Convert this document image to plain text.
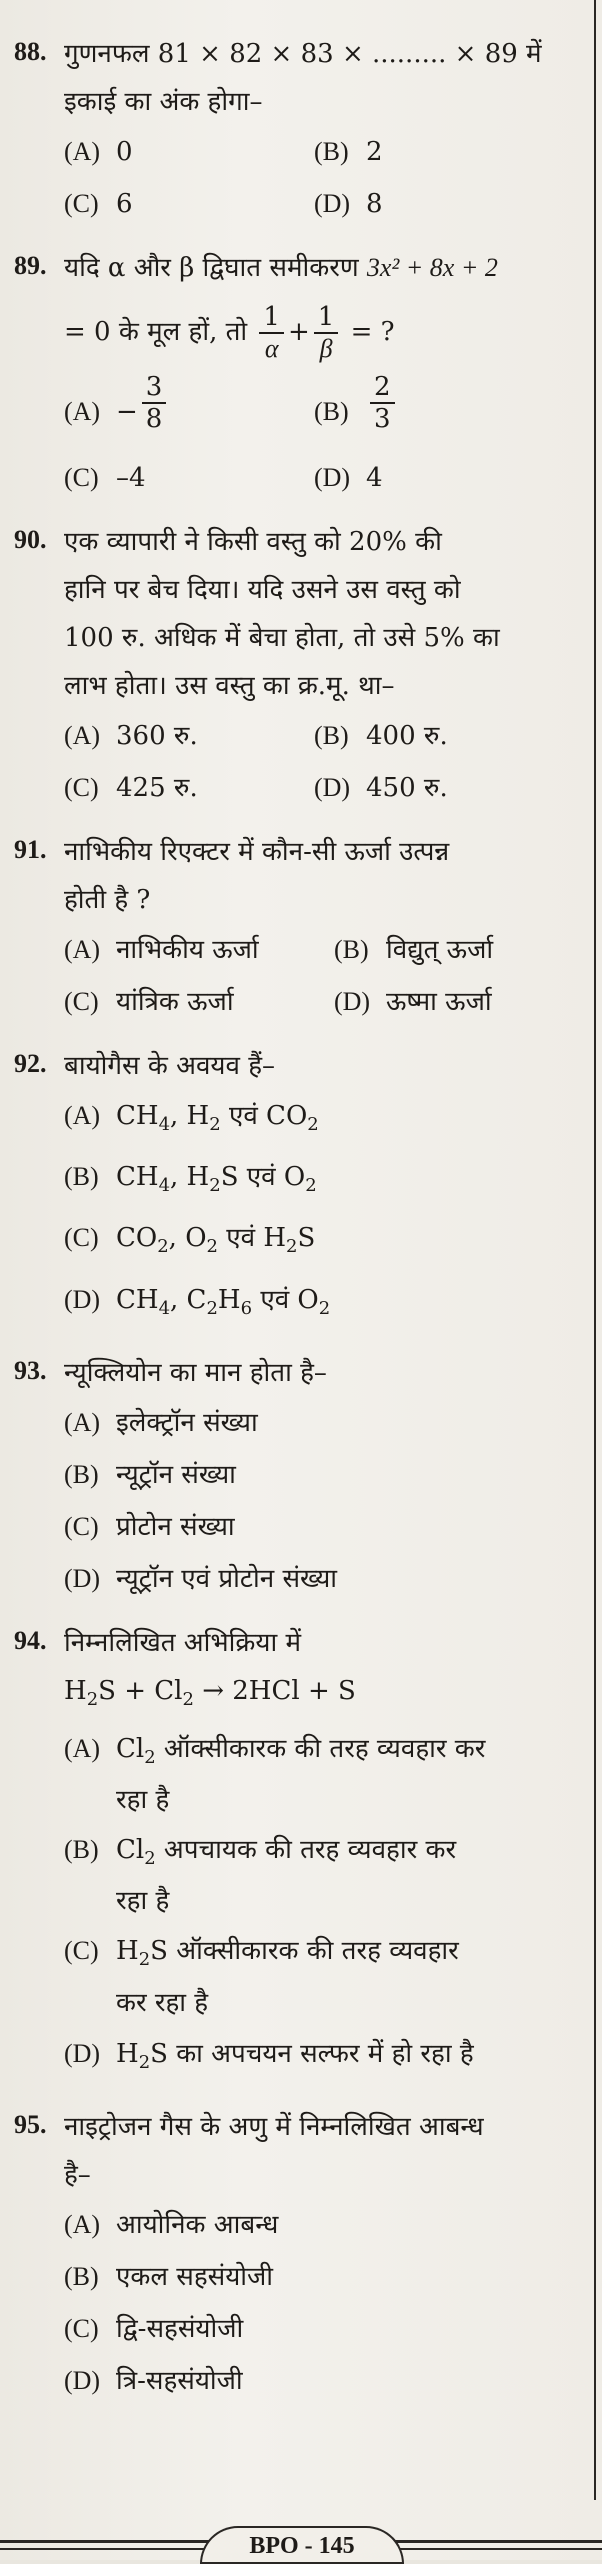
88. गुणनफल 81 × 82 × 83 × ......... × 89 में
इकाई का अंक होगा–
(A) 0	(B) 2
(C) 6	(D) 8
89. यदि α और β द्विघात समीकरण 3x² + 8x + 2
= 0 के मूल हों, तो $\frac{1}{\alpha} + \frac{1}{\beta}$ = ?
$(A) - \frac{3}{8}$	$(B) \frac{2}{3}$
(C) –4	(D) 4
90. एक व्यापारी ने किसी वस्तु को 20% की
हानि पर बेच दिया। यदि उसने उस वस्तु को
100 रु. अधिक में बेचा होता, तो उसे 5% का
लाभ होता। उस वस्तु का क्र.मू. था–
(A) 360 रु.	(B) 400 रु.
(C) 425 रु.	(D) 450 रु.
91. नाभिकीय रिएक्टर में कौन-सी ऊर्जा उत्पन्न
होती है ?
(A) नाभिकीय ऊर्जा	(B) विद्युत् ऊर्जा
(C) यांत्रिक ऊर्जा	(D) ऊष्मा ऊर्जा
92. बायोगैस के अवयव हैं–
(A) $CH_4$, $H_2$ एवं $CO_2$
(B) $CH_4$, $H_2S$ एवं $O_2$
(C) $CO_2$, $O_2$ एवं $H_2S$
(D) $CH_4$, $C_2H_6$ एवं $O_2$
93. न्यूक्लियोन का मान होता है–
(A) इलेक्ट्रॉन संख्या
(B) न्यूट्रॉन संख्या
(C) प्रोटोन संख्या
(D) न्यूट्रॉन एवं प्रोटोन संख्या
94. निम्नलिखित अभिक्रिया में
$H_2S + Cl_2 \to 2HCl + S$
(A) $Cl_2$ ऑक्सीकारक की तरह व्यवहार कर
रहा है
(B) $Cl_2$ अपचायक की तरह व्यवहार कर
रहा है
(C) $H_2S$ ऑक्सीकारक की तरह व्यवहार
कर रहा है
(D) $H_2S$ का अपचयन सल्फर में हो रहा है
95. नाइट्रोजन गैस के अणु में निम्नलिखित आबन्ध
है–
(A) आयोनिक आबन्ध
(B) एकल सहसंयोजी
(C) द्वि-सहसंयोजी
(D) त्रि-सहसंयोजी
BPO - 145
